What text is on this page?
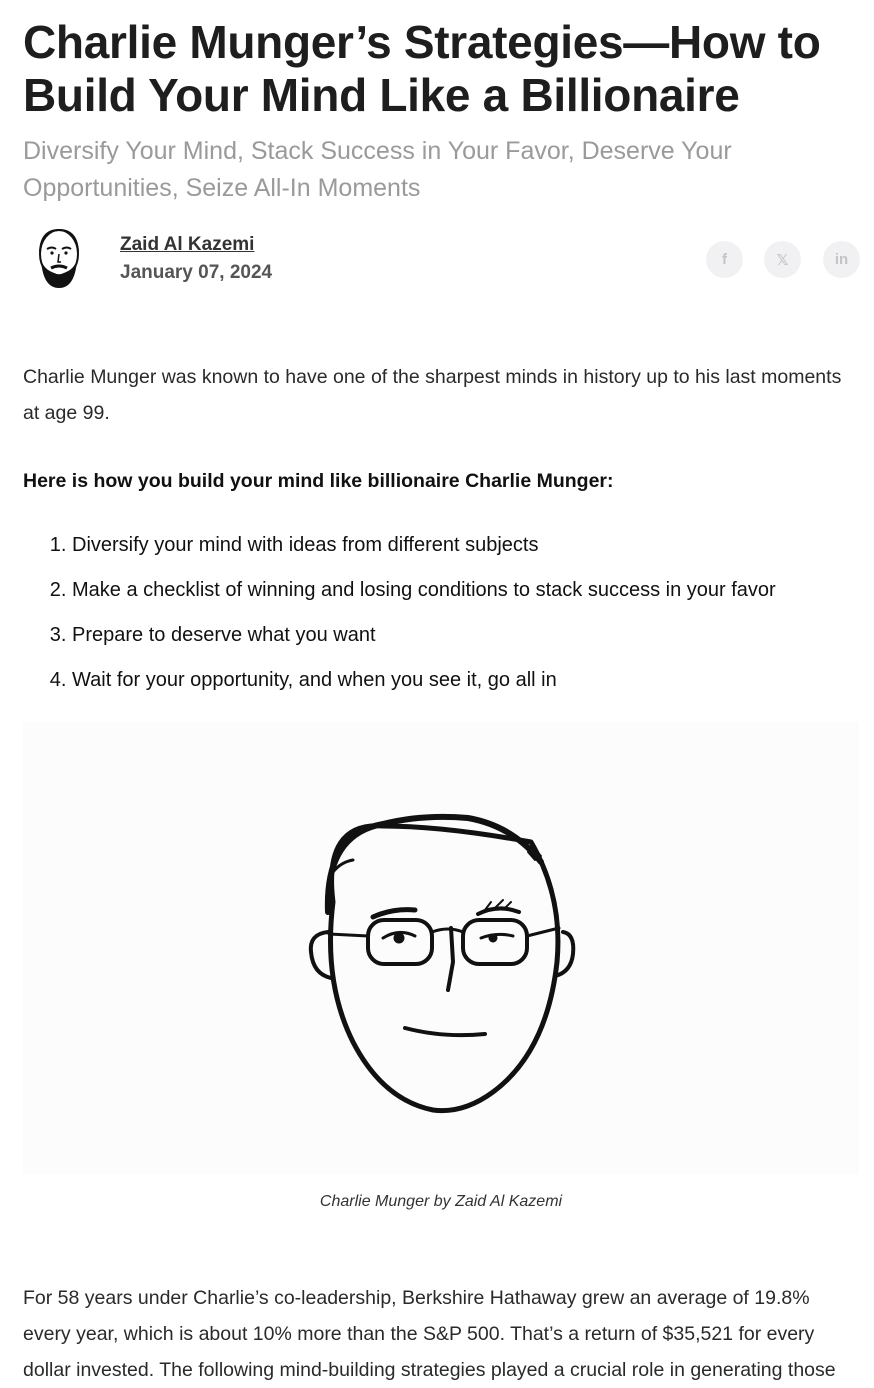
Charlie Munger’s Strategies—How to Build Your Mind Like a Billionaire
Diversify Your Mind, Stack Success in Your Favor, Deserve Your Opportunities, Seize All-In Moments
Zaid Al Kazemi
January 07, 2024
f	𝕏	in

Charlie Munger was known to have one of the sharpest minds in history up to his last moments at age 99.

Here is how you build your mind like billionaire Charlie Munger:

1. Diversify your mind with ideas from different subjects
2. Make a checklist of winning and losing conditions to stack success in your favor
3. Prepare to deserve what you want
4. Wait for your opportunity, and when you see it, go all in
Charlie Munger by Zaid Al Kazemi

For 58 years under Charlie’s co-leadership, Berkshire Hathaway grew an average of 19.8% every year, which is about 10% more than the S&P 500. That’s a return of $35,521 for every dollar invested. The following mind-building strategies played a crucial role in generating those
